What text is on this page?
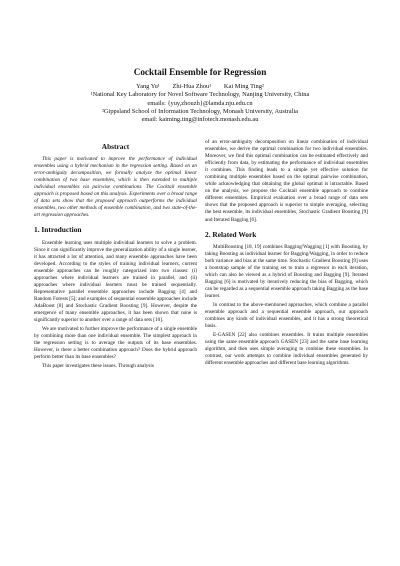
Cocktail Ensemble for Regression
Yang Yu¹        Zhi-Hua Zhou¹        Kai Ming Ting²
¹National Key Laboratory for Novel Software Technology, Nanjing University, China
emails: {yuy,zhouzh}@lamda.nju.edu.cn
²Gippsland School of Information Technology, Monash University, Australia
email: kaiming.ting@infotech.monash.edu.au
Abstract

This paper is motivated to improve the performance of individual ensembles using a hybrid mechanism in the regression setting. Based on an error-ambiguity decomposition, we formally analyze the optimal linear combination of two base ensembles, which is then extended to multiple individual ensembles via pairwise combinations. The Cocktail ensemble approach is proposed based on this analysis. Experiments over a broad range of data sets show that the proposed approach outperforms the individual ensembles, two other methods of ensemble combination, and two state-of-the-art regression approaches.

1. Introduction

Ensemble learning uses multiple individual learners to solve a problem. Since it can significantly improve the generalization ability of a single learner, it has attracted a lot of attention, and many ensemble approaches have been developed. According to the styles of training individual learners, current ensemble approaches can be roughly categorized into two classes: (i) approaches where individual learners are trained in parallel, and (ii) approaches where individual learners must be trained sequentially. Representative parallel ensemble approaches include Bagging [4] and Random Forests [5]; and examples of sequential ensemble approaches include AdaBoost [8] and Stochastic Gradient Boosting [9]. However, despite the emergence of many ensemble approaches, it has been shown that none is significantly superior to another over a range of data sets [10].

We are motivated to further improve the performance of a single ensemble by combining more than one individual ensemble. The simplest approach in the regression setting is to average the outputs of its base ensembles. However, is there a better combination approach? Does the hybrid approach perform better than its base ensembles?

This paper investigates these issues. Through analysis

of an error-ambiguity decomposition on linear combination of individual ensembles, we derive the optimal combination for two individual ensembles. Moreover, we find this optimal combination can be estimated effectively and efficiently from data, by estimating the performance of individual ensembles it combines. This finding leads to a simple yet effective solution for combining multiple ensembles based on the optimal pairwise combination, while acknowledging that obtaining the global optimal is intractable. Based on the analysis, we propose the Cocktail ensemble approach to combine different ensembles. Empirical evaluation over a broad range of data sets shows that the proposed approach is superior to simple averaging, selecting the best ensemble, its individual ensembles, Stochastic Gradient Boosting [9] and Iterated Bagging [6].

2. Related Work

MultiBoosting [18, 19] combines Bagging/Wagging [1] with Boosting, by taking Boosting as individual learner for Bagging/Wagging, in order to reduce both variance and bias at the same time. Stochastic Gradient Boosting [9] uses a bootstrap sample of the training set to train a regressor in each iteration, which can also be viewed as a hybrid of Boosting and Bagging [9]. Iterated Bagging [6] is motivated by iteratively reducing the bias of Bagging, which can be regarded as a sequential ensemble approach taking Bagging as the base learner.

In contrast to the above-mentioned approaches, which combine a parallel ensemble approach and a sequential ensemble approach, our approach combines any kinds of individual ensembles, and it has a strong theoretical basis.

E-GASEN [22] also combines ensembles. It trains multiple ensembles using the same ensemble approach GASEN [23] and the same base learning algorithm, and then uses simple averaging to combine these ensembles. In contrast, our work attempts to combine individual ensembles generated by different ensemble approaches and different base learning algorithms.
